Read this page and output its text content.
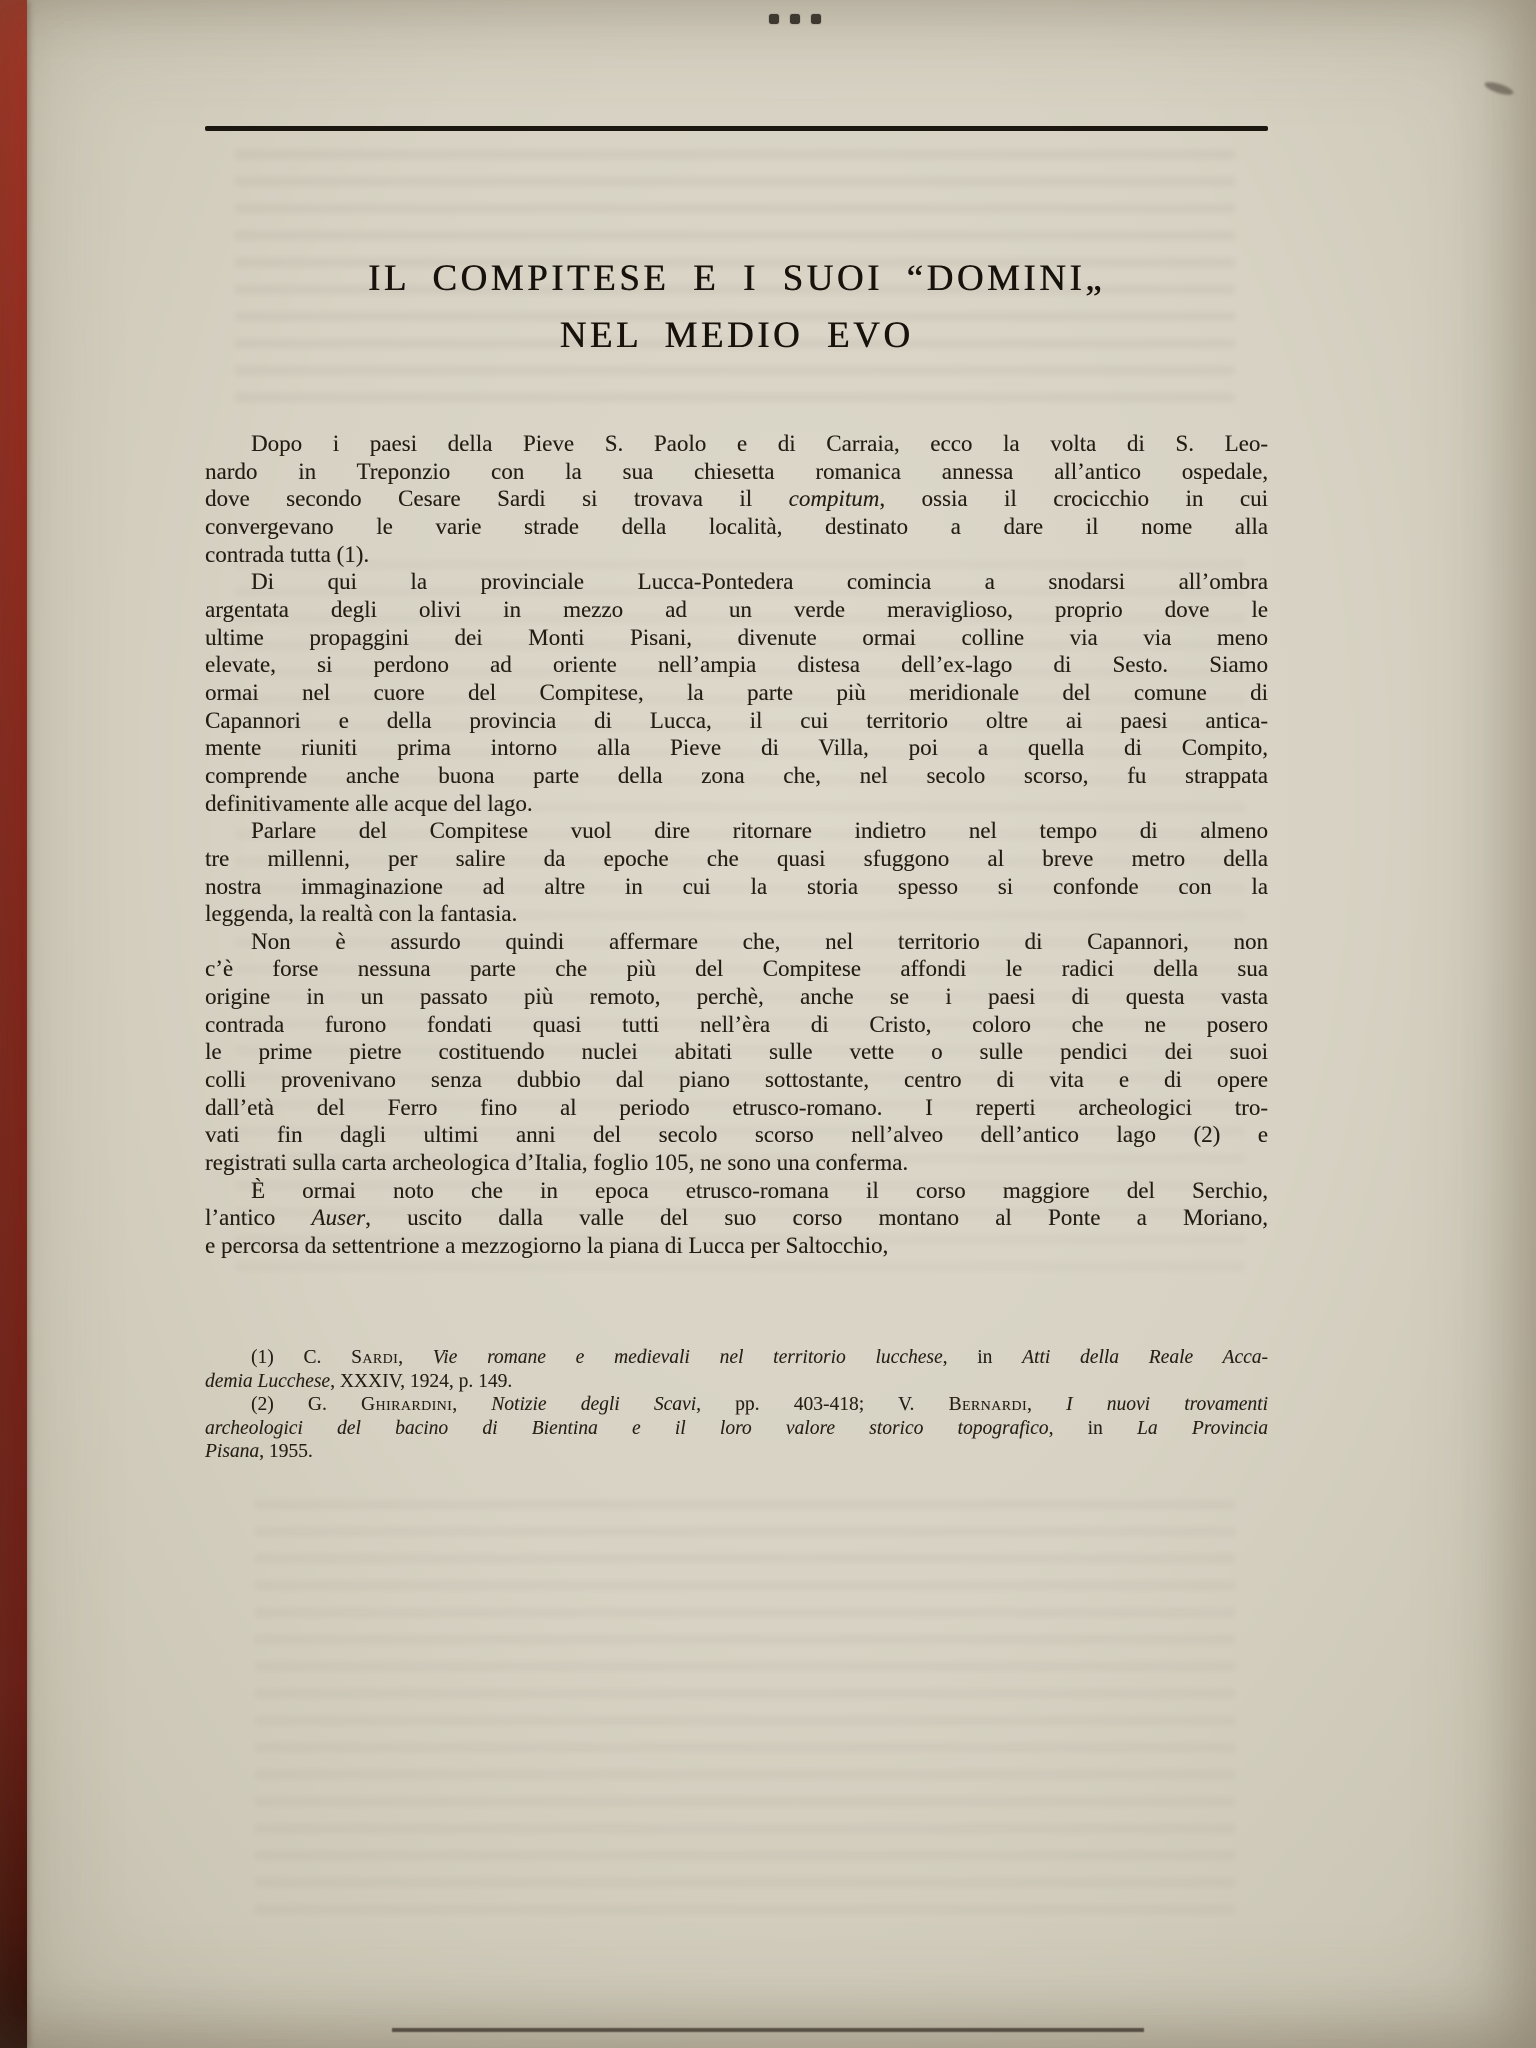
IL COMPITESE E I SUOI “DOMINI„
NEL MEDIO EVO
Dopo i paesi della Pieve S. Paolo e di Carraia, ecco la volta di S. Leo-
nardo in Treponzio con la sua chiesetta romanica annessa all’antico ospedale,
dove secondo Cesare Sardi si trovava il compitum, ossia il crocicchio in cui
convergevano le varie strade della località, destinato a dare il nome alla
contrada tutta (1).
Di qui la provinciale Lucca-Pontedera comincia a snodarsi all’ombra
argentata degli olivi in mezzo ad un verde meraviglioso, proprio dove le
ultime propaggini dei Monti Pisani, divenute ormai colline via via meno
elevate, si perdono ad oriente nell’ampia distesa dell’ex-lago di Sesto. Siamo
ormai nel cuore del Compitese, la parte più meridionale del comune di
Capannori e della provincia di Lucca, il cui territorio oltre ai paesi antica-
mente riuniti prima intorno alla Pieve di Villa, poi a quella di Compito,
comprende anche buona parte della zona che, nel secolo scorso, fu strappata
definitivamente alle acque del lago.
Parlare del Compitese vuol dire ritornare indietro nel tempo di almeno
tre millenni, per salire da epoche che quasi sfuggono al breve metro della
nostra immaginazione ad altre in cui la storia spesso si confonde con la
leggenda, la realtà con la fantasia.
Non è assurdo quindi affermare che, nel territorio di Capannori, non
c’è forse nessuna parte che più del Compitese affondi le radici della sua
origine in un passato più remoto, perchè, anche se i paesi di questa vasta
contrada furono fondati quasi tutti nell’èra di Cristo, coloro che ne posero
le prime pietre costituendo nuclei abitati sulle vette o sulle pendici dei suoi
colli provenivano senza dubbio dal piano sottostante, centro di vita e di opere
dall’età del Ferro fino al periodo etrusco-romano. I reperti archeologici tro-
vati fin dagli ultimi anni del secolo scorso nell’alveo dell’antico lago (2) e
registrati sulla carta archeologica d’Italia, foglio 105, ne sono una conferma.
È ormai noto che in epoca etrusco-romana il corso maggiore del Serchio,
l’antico Auser, uscito dalla valle del suo corso montano al Ponte a Moriano,
e percorsa da settentrione a mezzogiorno la piana di Lucca per Saltocchio,
(1) C. Sardi, Vie romane e medievali nel territorio lucchese, in Atti della Reale Acca-
demia Lucchese, XXXIV, 1924, p. 149.
(2) G. Ghirardini, Notizie degli Scavi, pp. 403-418; V. Bernardi, I nuovi trovamenti
archeologici del bacino di Bientina e il loro valore storico topografico, in La Provincia
Pisana, 1955.
